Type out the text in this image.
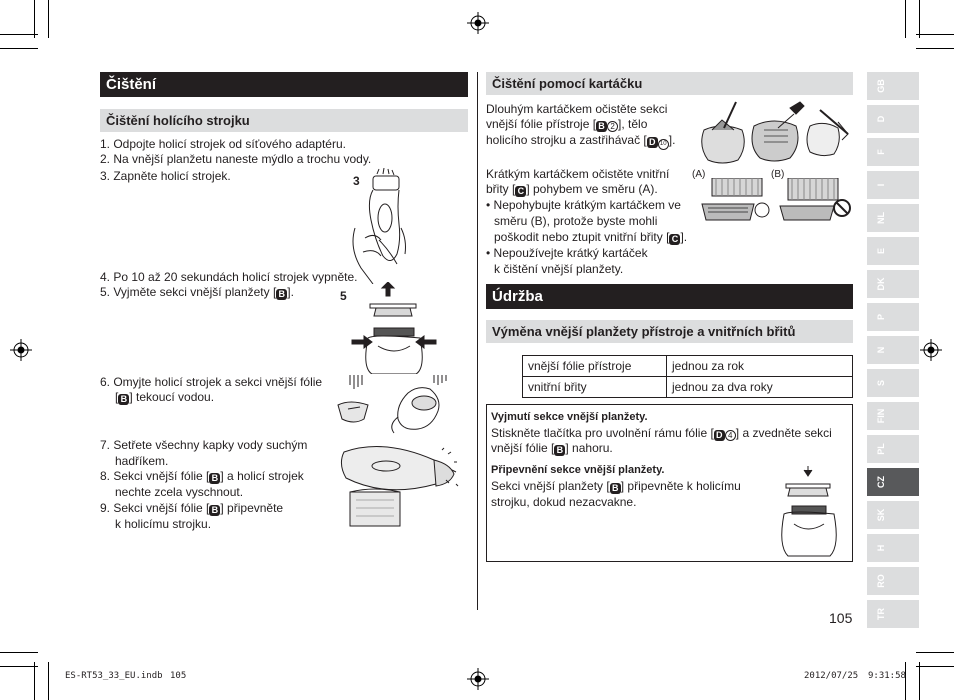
Čištění
Čištění holícího strojku
1. Odpojte holicí strojek od síťového adaptéru.
2. Na vnější planžetu naneste mýdlo a trochu vody.
3. Zapněte holicí strojek.	3
4. Po 10 až 20 sekundách holicí strojek vypněte.
5. Vyjměte sekci vnější planžety [ B ].	5
6. Omyjte holicí strojek a sekci vnější fólie
[ B ] tekoucí vodou.
7. Setřete všechny kapky vody suchým
hadříkem.
8. Sekci vnější fólie [ B ] a holicí strojek
nechte zcela vyschnout.
9. Sekci vnější fólie [ B ] připevněte
k holicímu strojku.
Čištění pomocí kartáčku
Dlouhým kartáčkem očistěte sekci
vnější fólie přístroje [ B 2 ], tělo
holicího strojku a zastřihávač [ D 10 ].
Krátkým kartáčkem očistěte vnitřní
břity [ C ] pohybem ve směru (A).
• Nepohybujte krátkým kartáčkem ve
směru (B), protože byste mohli
poškodit nebo ztupit vnitřní břity [ C ].
• Nepoužívejte krátký kartáček
k čištění vnější planžety.
(A)	(B)
Údržba
Výměna vnější planžety přístroje a vnitřních břitů
vnější fólie přístroje	jednou za rok
vnitřní břity	jednou za dva roky
Vyjmutí sekce vnější planžety.
Stiskněte tlačítka pro uvolnění rámu fólie [ D 4 ] a zvedněte sekci
vnější fólie [ B ] nahoru.
Připevnění sekce vnější planžety.
Sekci vnější planžety [ B ] připevněte k holicímu
strojku, dokud nezacvakne.
105
GB
D
F
I
NL
E
DK
P
N
S
FIN
PL
CZ
SK
H
RO
TR
ES-RT53_33_EU.indb 105	2012/07/25 9:31:58
